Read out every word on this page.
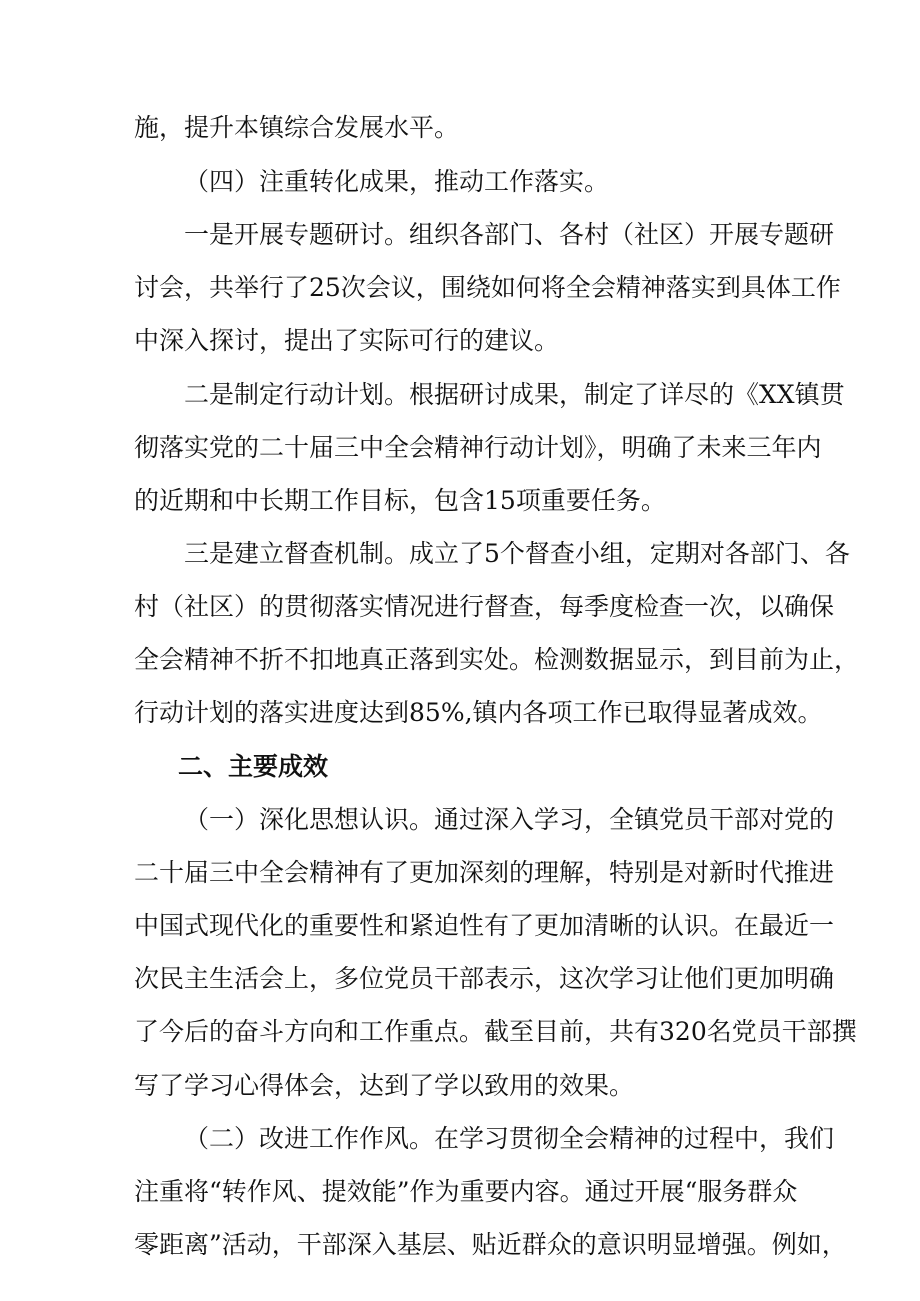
施，提升本镇综合发展水平。
（四）注重转化成果，推动工作落实。
一是开展专题研讨。组织各部门、各村（社区）开展专题研
讨会，共举行了25次会议，围绕如何将全会精神落实到具体工作
中深入探讨，提出了实际可行的建议。
二是制定行动计划。根据研讨成果，制定了详尽的《XX镇贯
彻落实党的二十届三中全会精神行动计划》，明确了未来三年内
的近期和中长期工作目标，包含15项重要任务。
三是建立督查机制。成立了5个督查小组，定期对各部门、各
村（社区）的贯彻落实情况进行督查，每季度检查一次，以确保
全会精神不折不扣地真正落到实处。检测数据显示，到目前为止，
行动计划的落实进度达到85%,镇内各项工作已取得显著成效。
二、主要成效
（一）深化思想认识。通过深入学习，全镇党员干部对党的
二十届三中全会精神有了更加深刻的理解，特别是对新时代推进
中国式现代化的重要性和紧迫性有了更加清晰的认识。在最近一
次民主生活会上，多位党员干部表示，这次学习让他们更加明确
了今后的奋斗方向和工作重点。截至目前，共有320名党员干部撰
写了学习心得体会，达到了学以致用的效果。
（二）改进工作作风。在学习贯彻全会精神的过程中，我们
注重将“转作风、提效能”作为重要内容。通过开展“服务群众
零距离”活动，干部深入基层、贴近群众的意识明显增强。例如，
